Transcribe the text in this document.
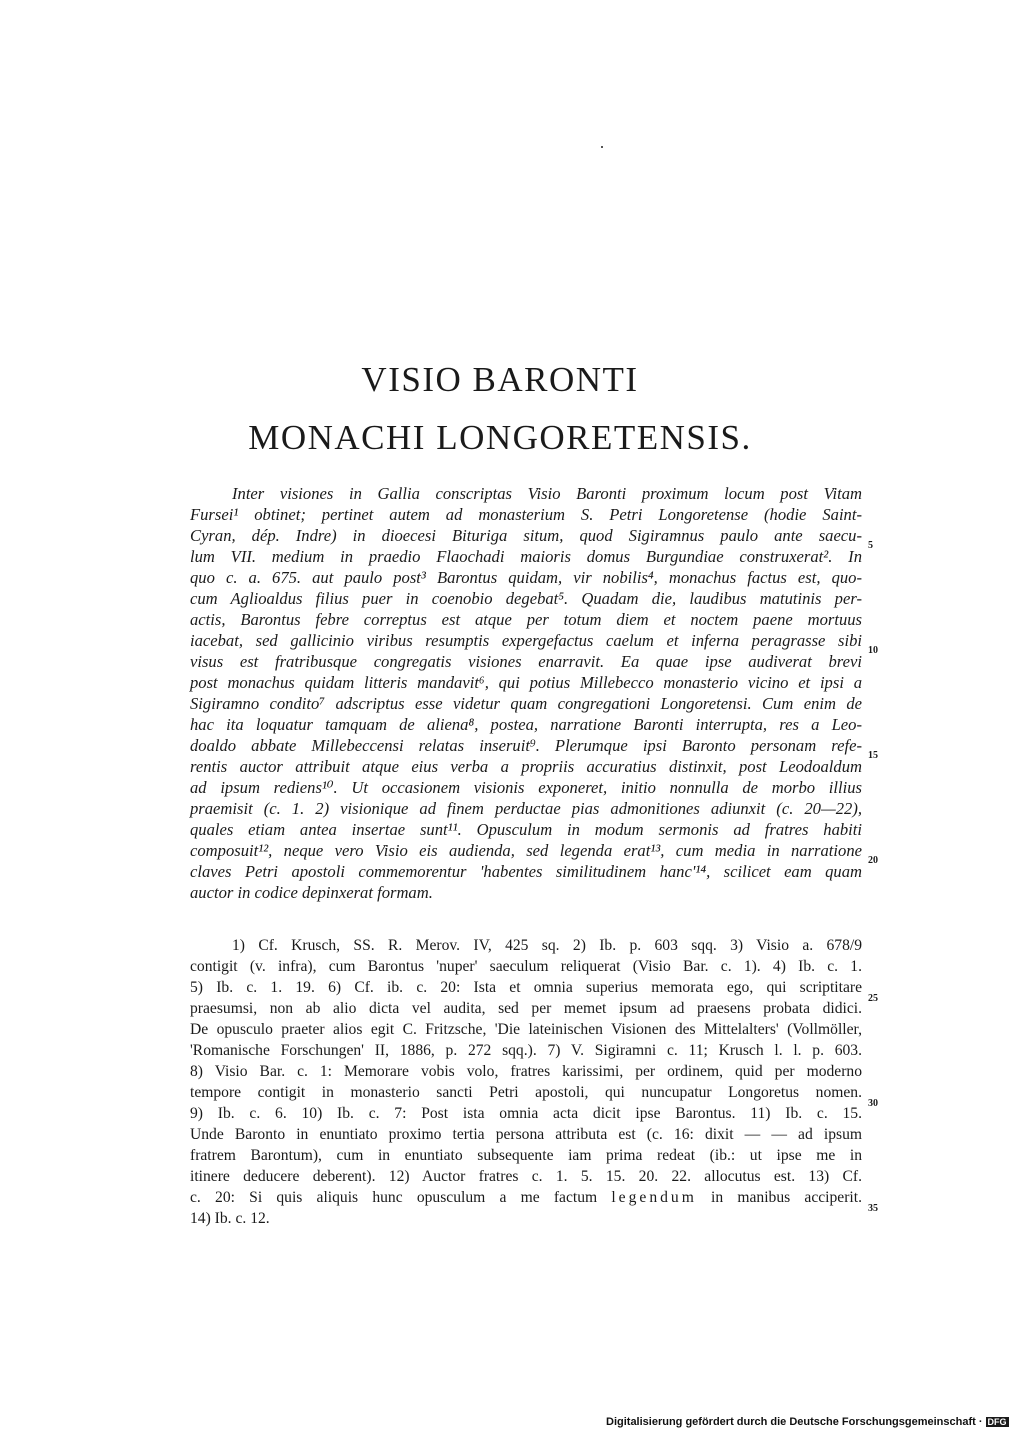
VISIO BARONTI
MONACHI LONGORETENSIS.

Inter visiones in Gallia conscriptas Visio Baronti proximum locum post Vitam

Fursei¹ obtinet; pertinet autem ad monasterium S. Petri Longoretense (hodie Saint-

Cyran, dép. Indre) in dioecesi Bituriga situm, quod Sigiramnus paulo ante saecu-

lum VII. medium in praedio Flaochadi maioris domus Burgundiae construxerat². In

quo c. a. 675. aut paulo post³ Barontus quidam, vir nobilis⁴, monachus factus est, quo-

cum Aglioaldus filius puer in coenobio degebat⁵. Quadam die, laudibus matutinis per-

actis, Barontus febre correptus est atque per totum diem et noctem paene mortuus

iacebat, sed gallicinio viribus resumptis expergefactus caelum et inferna peragrasse sibi

visus est fratribusque congregatis visiones enarravit. Ea quae ipse audiverat brevi

post monachus quidam litteris mandavit⁶, qui potius Millebecco monasterio vicino et ipsi a

Sigiramno condito⁷ adscriptus esse videtur quam congregationi Longoretensi. Cum enim de

hac ita loquatur tamquam de aliena⁸, postea, narratione Baronti interrupta, res a Leo-

doaldo abbate Millebeccensi relatas inseruit⁹. Plerumque ipsi Baronto personam refe-

rentis auctor attribuit atque eius verba a propriis accuratius distinxit, post Leodoaldum

ad ipsum rediens¹⁰. Ut occasionem visionis exponeret, initio nonnulla de morbo illius

praemisit (c. 1. 2) visionique ad finem perductae pias admonitiones adiunxit (c. 20—22),

quales etiam antea insertae sunt¹¹. Opusculum in modum sermonis ad fratres habiti

composuit¹², neque vero Visio eis audienda, sed legenda erat¹³, cum media in narratione

claves Petri apostoli commemorentur 'habentes similitudinem hanc'¹⁴, scilicet eam quam

auctor in codice depinxerat formam.

5
10
15
20

1) Cf. Krusch, SS. R. Merov. IV, 425 sq. 2) Ib. p. 603 sqq. 3) Visio a. 678/9

contigit (v. infra), cum Barontus 'nuper' saeculum reliquerat (Visio Bar. c. 1). 4) Ib. c. 1.

5) Ib. c. 1. 19. 6) Cf. ib. c. 20: Ista et omnia superius memorata ego, qui scriptitare

praesumsi, non ab alio dicta vel audita, sed per memet ipsum ad praesens probata didici.

De opusculo praeter alios egit C. Fritzsche, 'Die lateinischen Visionen des Mittelalters' (Vollmöller,

'Romanische Forschungen' II, 1886, p. 272 sqq.). 7) V. Sigiramni c. 11; Krusch l. l. p. 603.

8) Visio Bar. c. 1: Memorare vobis volo, fratres karissimi, per ordinem, quid per moderno

tempore contigit in monasterio sancti Petri apostoli, qui nuncupatur Longoretus nomen.

9) Ib. c. 6. 10) Ib. c. 7: Post ista omnia acta dicit ipse Barontus. 11) Ib. c. 15.

Unde Baronto in enuntiato proximo tertia persona attributa est (c. 16: dixit — — ad ipsum

fratrem Barontum), cum in enuntiato subsequente iam prima redeat (ib.: ut ipse me in

itinere deducere deberent). 12) Auctor fratres c. 1. 5. 15. 20. 22. allocutus est. 13) Cf.

c. 20: Si quis aliquis hunc opusculum a me factum legendum in manibus acciperit.

14) Ib. c. 12.

25
30
35
Digitalisierung gefördert durch die Deutsche Forschungsgemeinschaft · DFG
